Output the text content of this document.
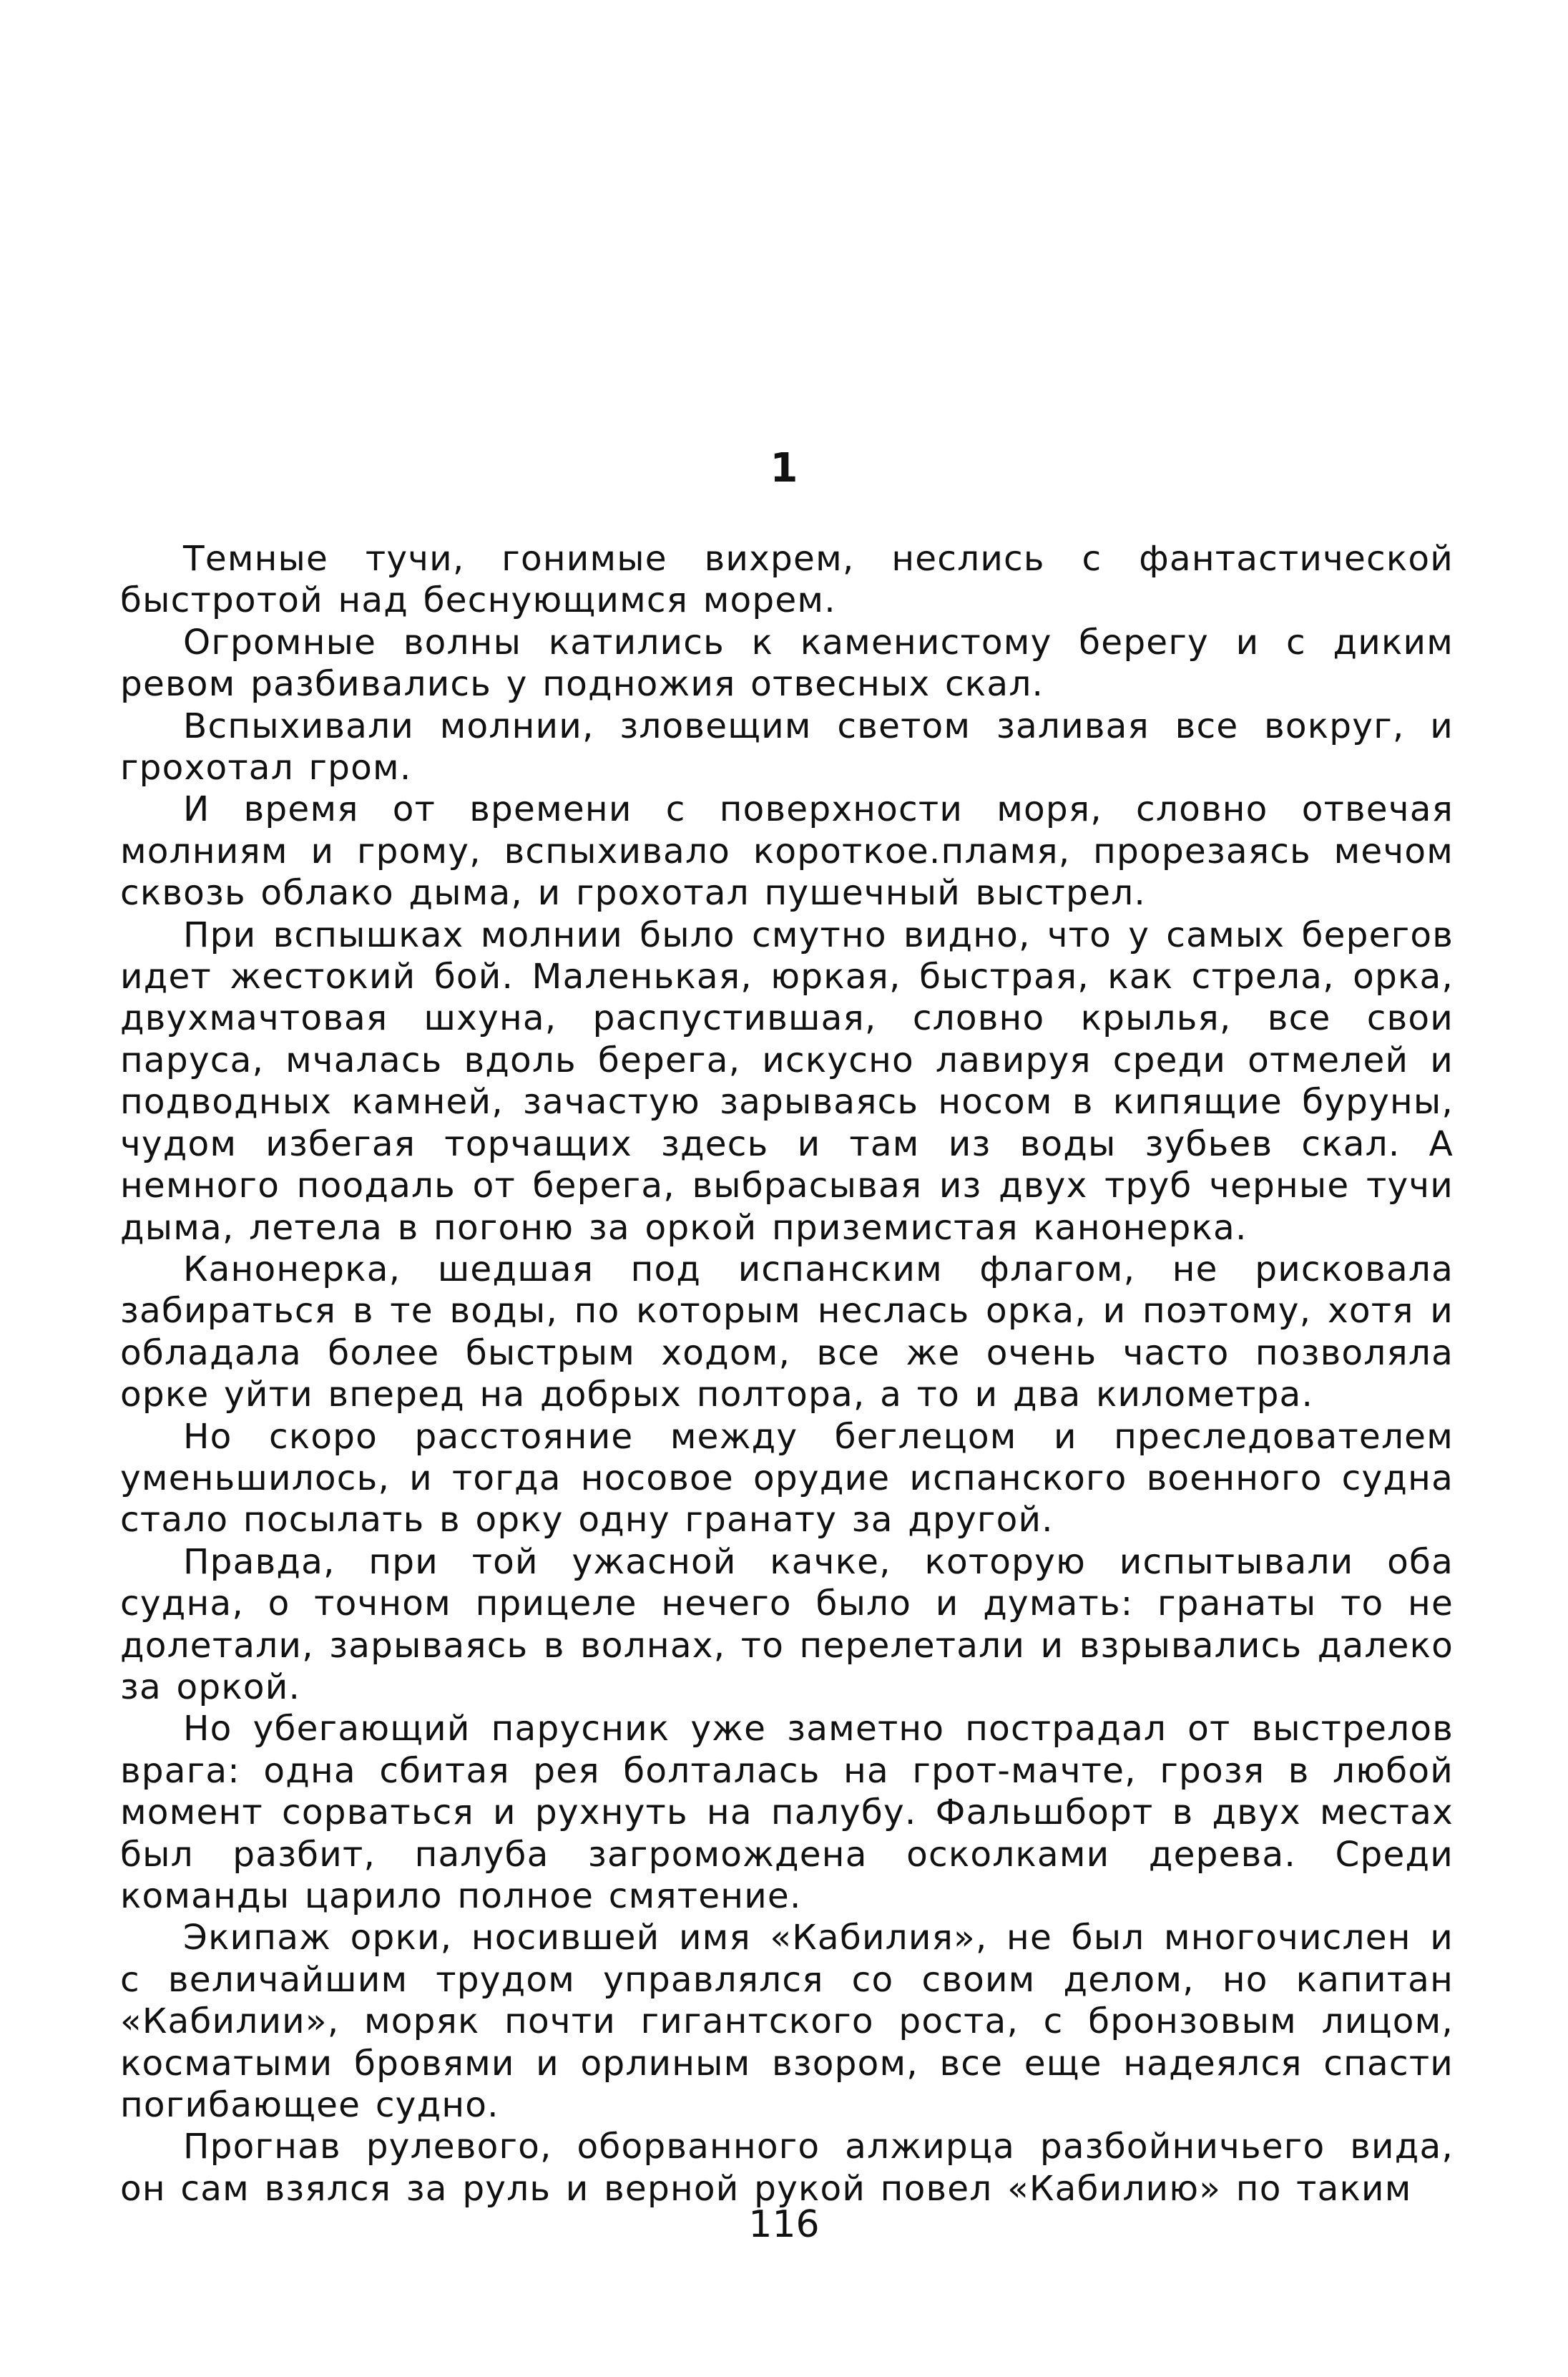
1

Темные тучи, гонимые вихрем, неслись с фантастической быстротой над беснующимся морем.

Огромные волны катились к каменистому берегу и с диким ревом разбивались у подножия отвесных скал.

Вспыхивали молнии, зловещим светом заливая все вокруг, и грохотал гром.

И время от времени с поверхности моря, словно отвечая молниям и грому, вспыхивало короткое.пламя, прорезаясь мечом сквозь облако дыма, и грохотал пушечный выстрел.

При вспышках молнии было смутно видно, что у самых берегов идет жестокий бой. Маленькая, юркая, быстрая, как стрела, орка, двухмачтовая шхуна, распустившая, словно крылья, все свои паруса, мчалась вдоль берега, искусно лавируя среди отмелей и подводных камней, зачастую зарываясь носом в кипящие буруны, чудом избегая торчащих здесь и там из воды зубьев скал. А немного поодаль от берега, выбрасывая из двух труб черные тучи дыма, летела в погоню за оркой приземистая канонерка.

Канонерка, шедшая под испанским флагом, не рисковала забираться в те воды, по которым неслась орка, и поэтому, хотя и обладала более быстрым ходом, все же очень часто позволяла орке уйти вперед на добрых полтора, а то и два километра.

Но скоро расстояние между беглецом и преследователем уменьшилось, и тогда носовое орудие испанского военного судна стало посылать в орку одну гранату за другой.

Правда, при той ужасной качке, которую испытывали оба судна, о точном прицеле нечего было и думать: гранаты то не долетали, зарываясь в волнах, то перелетали и взрывались далеко за оркой.

Но убегающий парусник уже заметно пострадал от выстрелов врага: одна сбитая рея болталась на грот-мачте, грозя в любой момент сорваться и рухнуть на палубу. Фальшборт в двух местах был разбит, палуба загромождена осколками дерева. Среди команды царило полное смятение.

Экипаж орки, носившей имя «Кабилия», не был многочислен и с величайшим трудом управлялся со своим делом, но капитан «Кабилии», моряк почти гигантского роста, с бронзовым лицом, косматыми бровями и орлиным взором, все еще надеялся спасти погибающее судно.

Прогнав рулевого, оборванного алжирца разбойничьего вида, он сам взялся за руль и верной рукой повел «Кабилию» по таким

116
